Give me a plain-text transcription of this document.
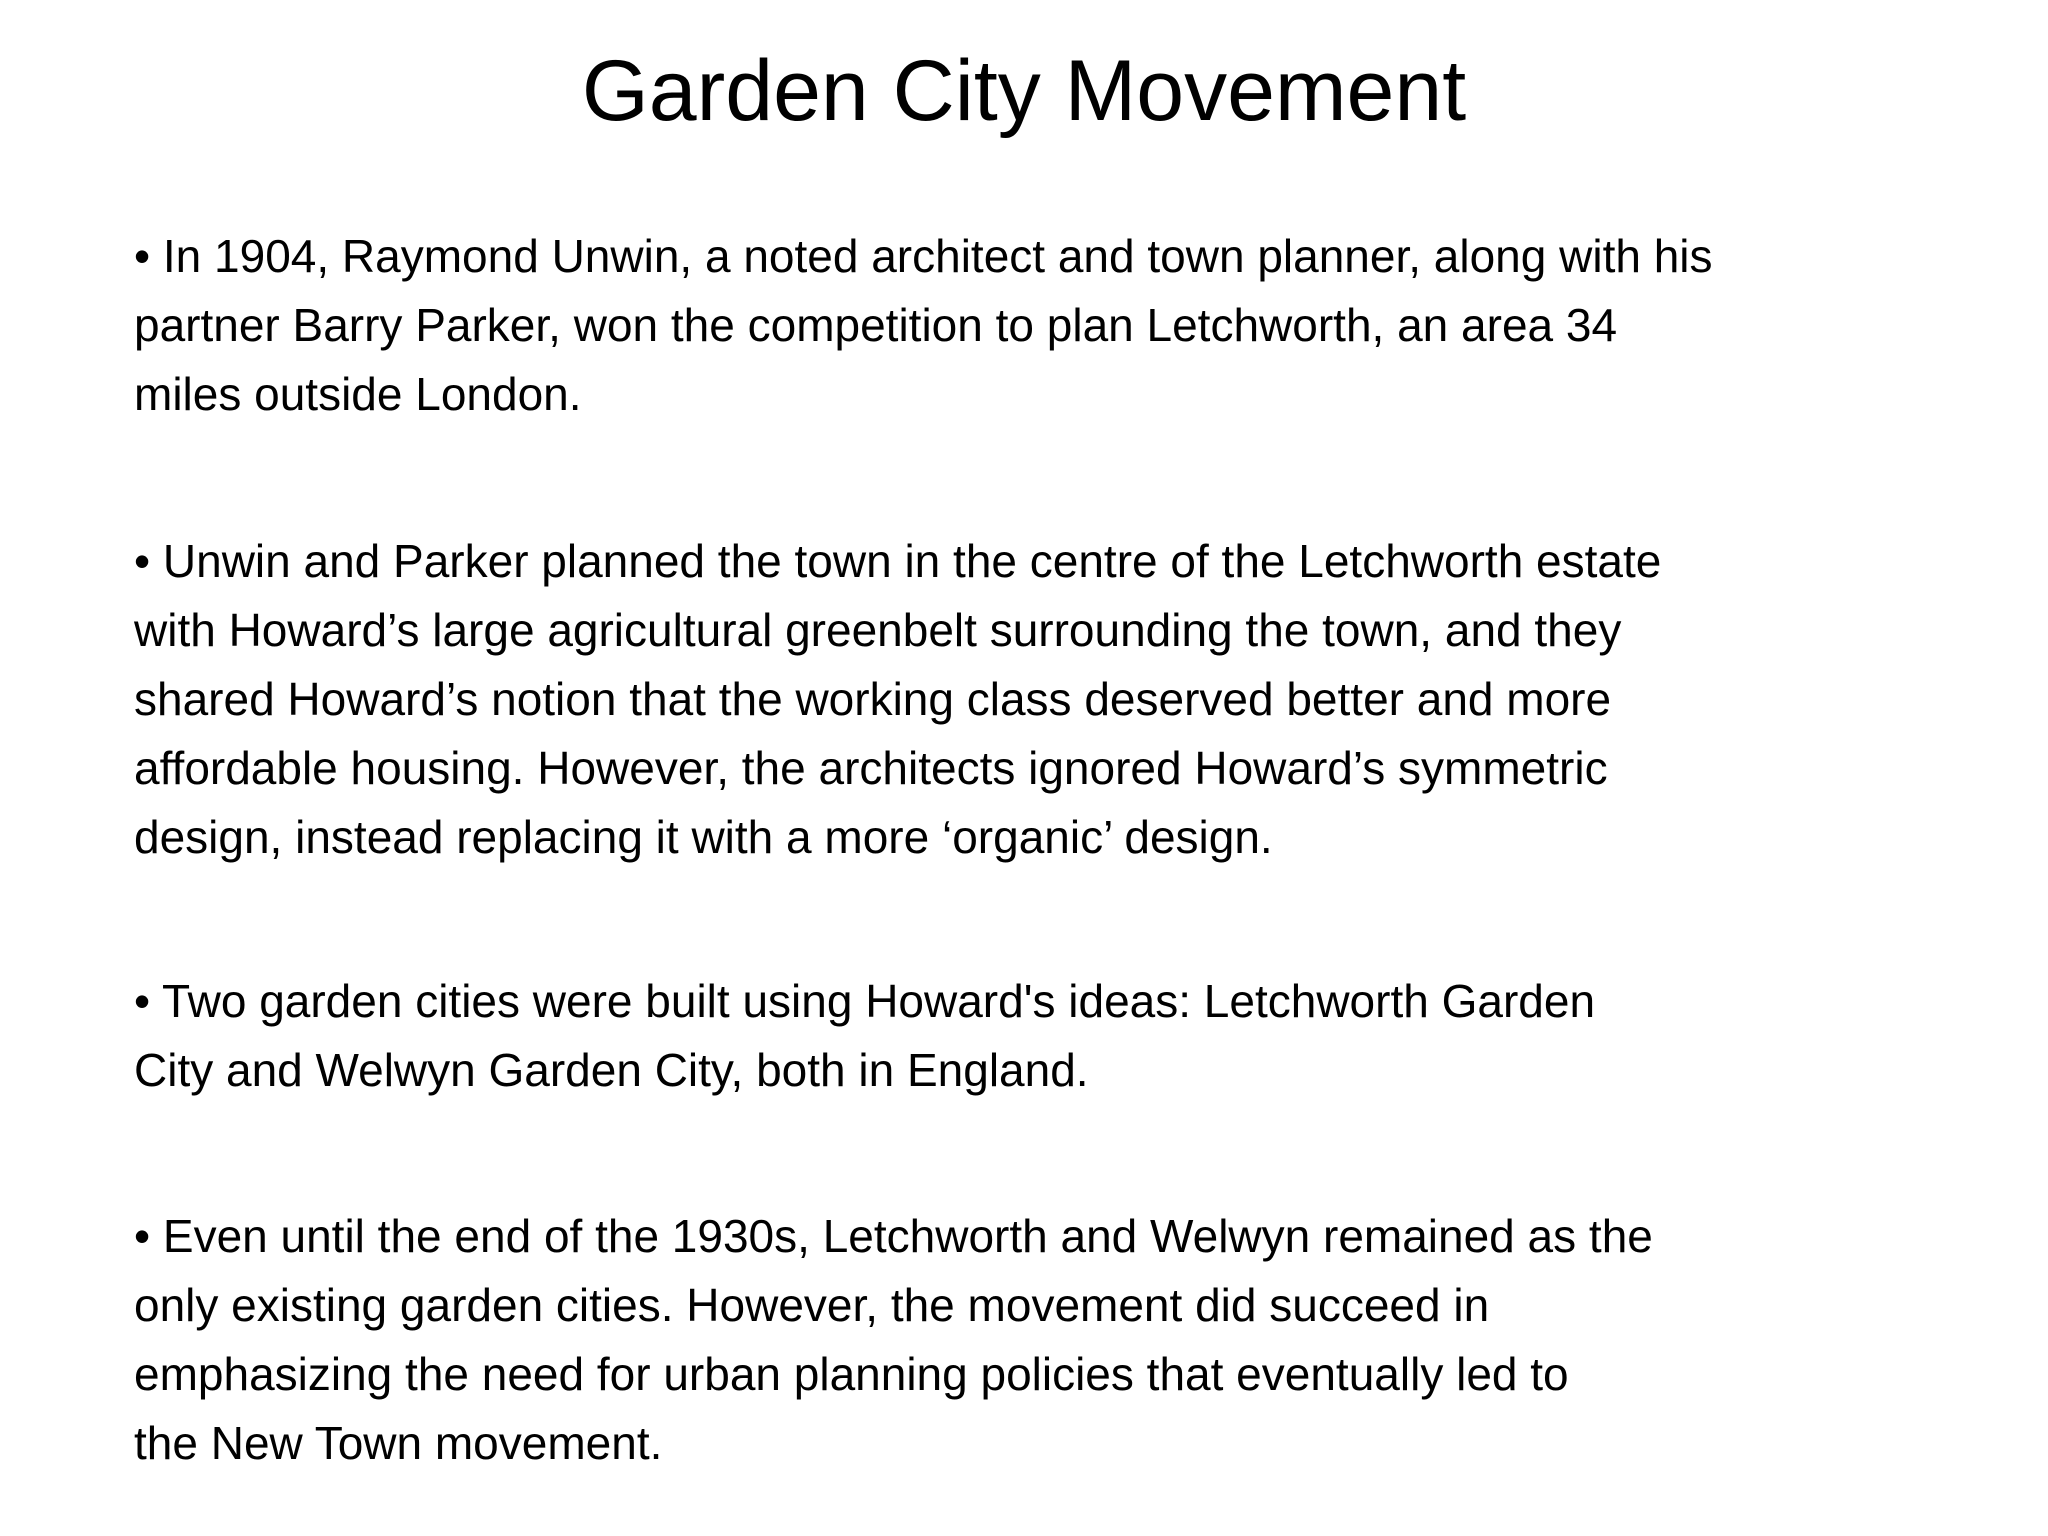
Garden City Movement
• In 1904, Raymond Unwin, a noted architect and town planner, along with his
partner Barry Parker, won the competition to plan Letchworth, an area 34
miles outside London.
• Unwin and Parker planned the town in the centre of the Letchworth estate
with Howard’s large agricultural greenbelt surrounding the town, and they
shared Howard’s notion that the working class deserved better and more
affordable housing. However, the architects ignored Howard’s symmetric
design, instead replacing it with a more ‘organic’ design.
• Two garden cities were built using Howard's ideas: Letchworth Garden
City and Welwyn Garden City, both in England.
• Even until the end of the 1930s, Letchworth and Welwyn remained as the
only existing garden cities. However, the movement did succeed in
emphasizing the need for urban planning policies that eventually led to
the New Town movement.
